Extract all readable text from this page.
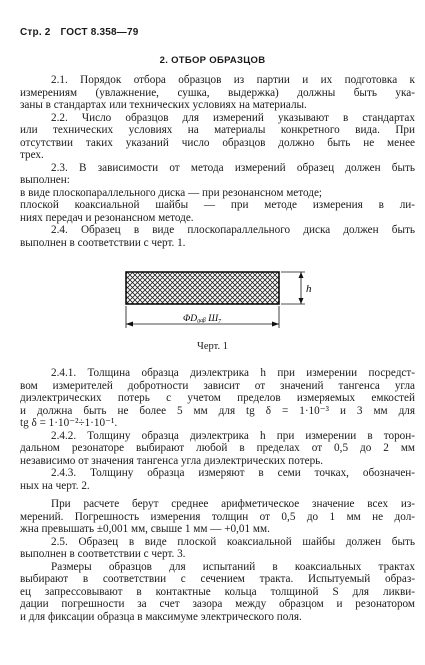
Стр. 2 ГОСТ 8.358—79
2. ОТБОР ОБРАЗЦОВ

2.1. Порядок отбора образцов из партии и их подготовка к
измерениям (увлажнение, сушка, выдержка) должны быть ука-
заны в стандартах или технических условиях на материалы.

2.2. Число образцов для измерений указывают в стандартах
или технических условиях на материалы конкретного вида. При
отсутствии таких указаний число образцов должно быть не менее
трех.

2.3. В зависимости от метода измерений образец должен быть
выполнен:

в виде плоскопараллельного диска — при резонансном методе;

плоской коаксиальной шайбы — при методе измерения в ли-
ниях передач и резонансном методе.

2.4. Образец в виде плоскопараллельного диска должен быть
выполнен в соответствии с черт. 1.

h
ΦD₀ₐᵦ Ш₇
Черт. 1

2.4.1. Толщина образца диэлектрика h при измерении посредст-
вом измерителей добротности зависит от значений тангенса угла
диэлектрических потерь с учетом пределов измеряемых емкостей
и должна быть не более 5 мм для tg δ = 1·10⁻³ и 3 мм для
tg δ = 1·10⁻²÷1·10⁻¹.

2.4.2. Толщину образца диэлектрика h при измерении в торон-
дальном резонаторе выбирают любой в пределах от 0,5 до 2 мм
независимо от значения тангенса угла диэлектрических потерь.

2.4.3. Толщину образца измеряют в семи точках, обозначен-
ных на черт. 2.

При расчете берут среднее арифметическое значение всех из-
мерений. Погрешность измерения толщин от 0,5 до 1 мм не дол-
жна превышать ±0,001 мм, свыше 1 мм — +0,01 мм.

2.5. Образец в виде плоской коаксиальной шайбы должен быть
выполнен в соответствии с черт. 3.

Размеры образцов для испытаний в коаксиальных трактах
выбирают в соответствии с сечением тракта. Испытуемый образ-
ец запрессовывают в контактные кольца толщиной S для ликви-
дации погрешности за счет зазора между образцом и резонатором
и для фиксации образца в максимуме электрического поля.
